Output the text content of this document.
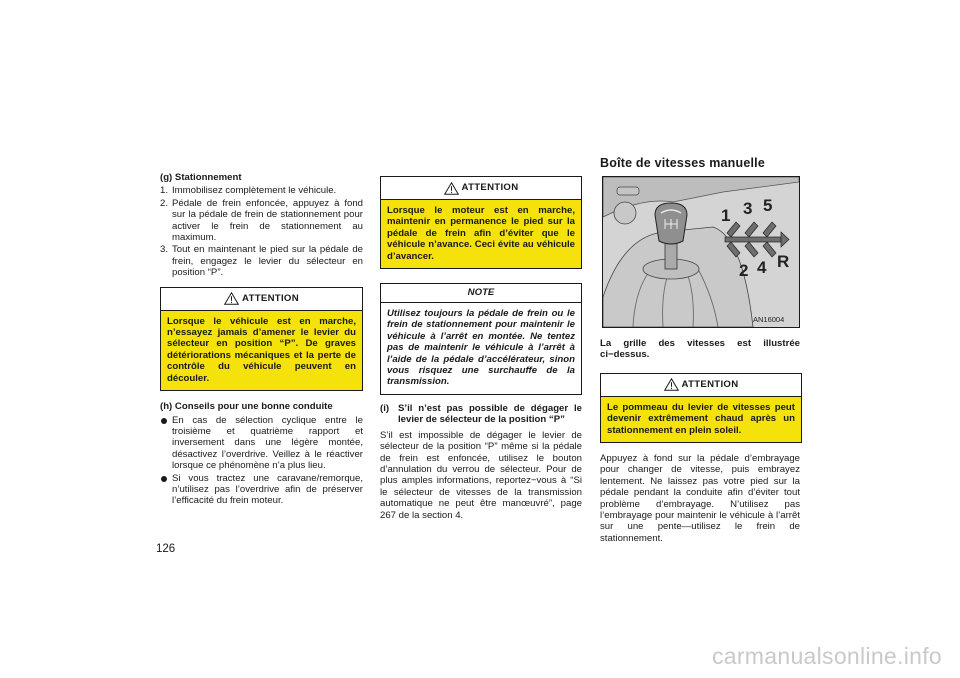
(g) Stationnement

1. Immobilisez complètement le véhicule.
2. Pédale de frein enfoncée, appuyez à fond sur la pédale de frein de stationnement pour activer le frein de stationnement au maximum.
3. Tout en maintenant le pied sur la pédale de frein, engagez le levier du sélecteur en position “P”.
ATTENTION
Lorsque le véhicule est en marche, n’essayez jamais d’amener le levier du sélecteur en position “P”. De graves détériorations mécaniques et la perte de contrôle du véhicule peuvent en découler.

(h) Conseils pour une bonne conduite

En cas de sélection cyclique entre le troisième et quatrième rapport et inversement dans une légère montée, désactivez l’overdrive. Veillez à le réactiver lorsque ce phénomène n’a plus lieu.
Si vous tractez une caravane/remorque, n’utilisez pas l’overdrive afin de préserver l’efficacité du frein moteur.
ATTENTION
Lorsque le moteur est en marche, maintenir en permanence le pied sur la pédale de frein afin d’éviter que le véhicule n’avance. Ceci évite au véhicule d’avancer.
NOTE
Utilisez toujours la pédale de frein ou le frein de stationnement pour maintenir le véhicule à l’arrêt en montée. Ne tentez pas de maintenir le véhicule à l’arrêt à l’aide de la pédale d’accélérateur, sinon vous risquez une surchauffe de la transmission.
(i) S’il n’est pas possible de dégager le levier de sélecteur de la position “P”

S’il est impossible de dégager le levier de sélecteur de la position “P” même si la pédale de frein est enfoncée, utilisez le bouton d’annulation du verrou de sélecteur. Pour de plus amples informations, reportez−vous à “Si le sélecteur de vitesses de la transmission automatique ne peut être manœuvré”, page 267 de la section 4.

Boîte de vitesses manuelle
1 3 5
2 4 R
AN16004

La grille des vitesses est illustrée ci−dessus.

ATTENTION
Le pommeau du levier de vitesses peut devenir extrêmement chaud après un stationnement en plein soleil.

Appuyez à fond sur la pédale d’embrayage pour changer de vitesse, puis embrayez lentement. Ne laissez pas votre pied sur la pédale pendant la conduite afin d’éviter tout problème d’embrayage. N’utilisez pas l’embrayage pour maintenir le véhicule à l’arrêt sur une pente—utilisez le frein de stationnement.

126
carmanualsonline.info
